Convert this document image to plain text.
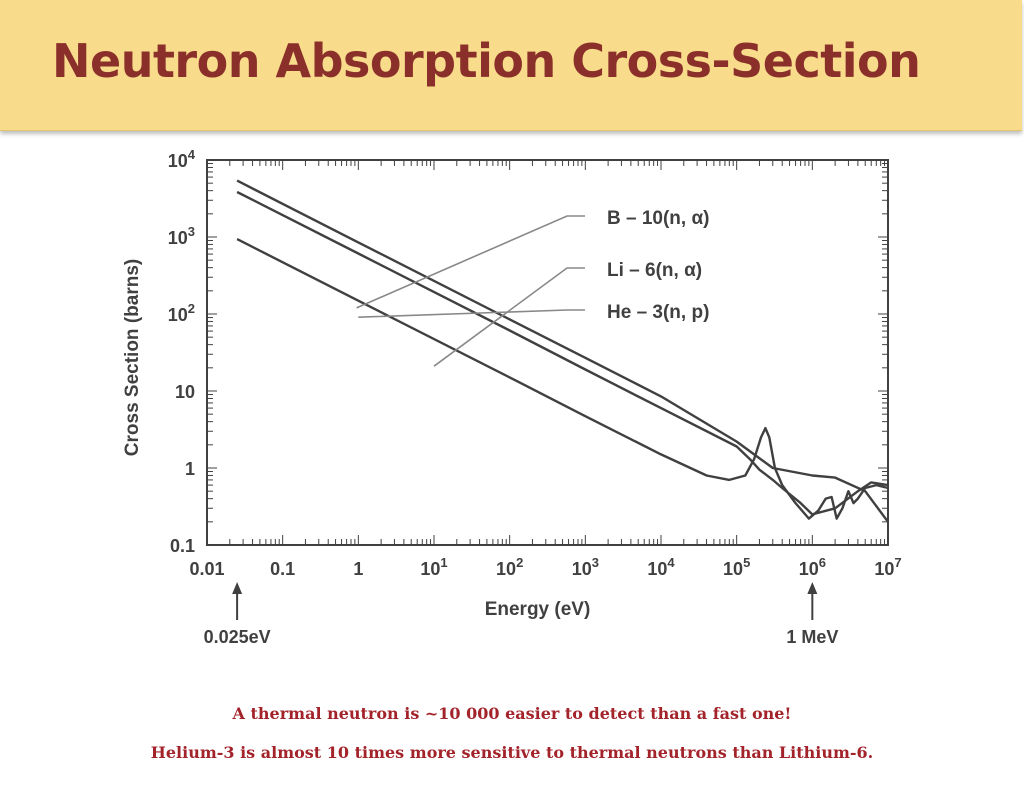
Neutron Absorption Cross-Section
B – 10(n, α)
Li – 6(n, α)
He – 3(n, p)
0.01	0.1	1	$10^1$	$10^2$	$10^3$	$10^4$	$10^5$	$10^6$	$10^7$
0.1
1
10
$10^2$
$10^3$
$10^4$
Energy (eV)
Cross Section (barns)
0.025eV	1 MeV
A thermal neutron is ~10 000 easier to detect than a fast one!
Helium-3 is almost 10 times more sensitive to thermal neutrons than Lithium-6.
